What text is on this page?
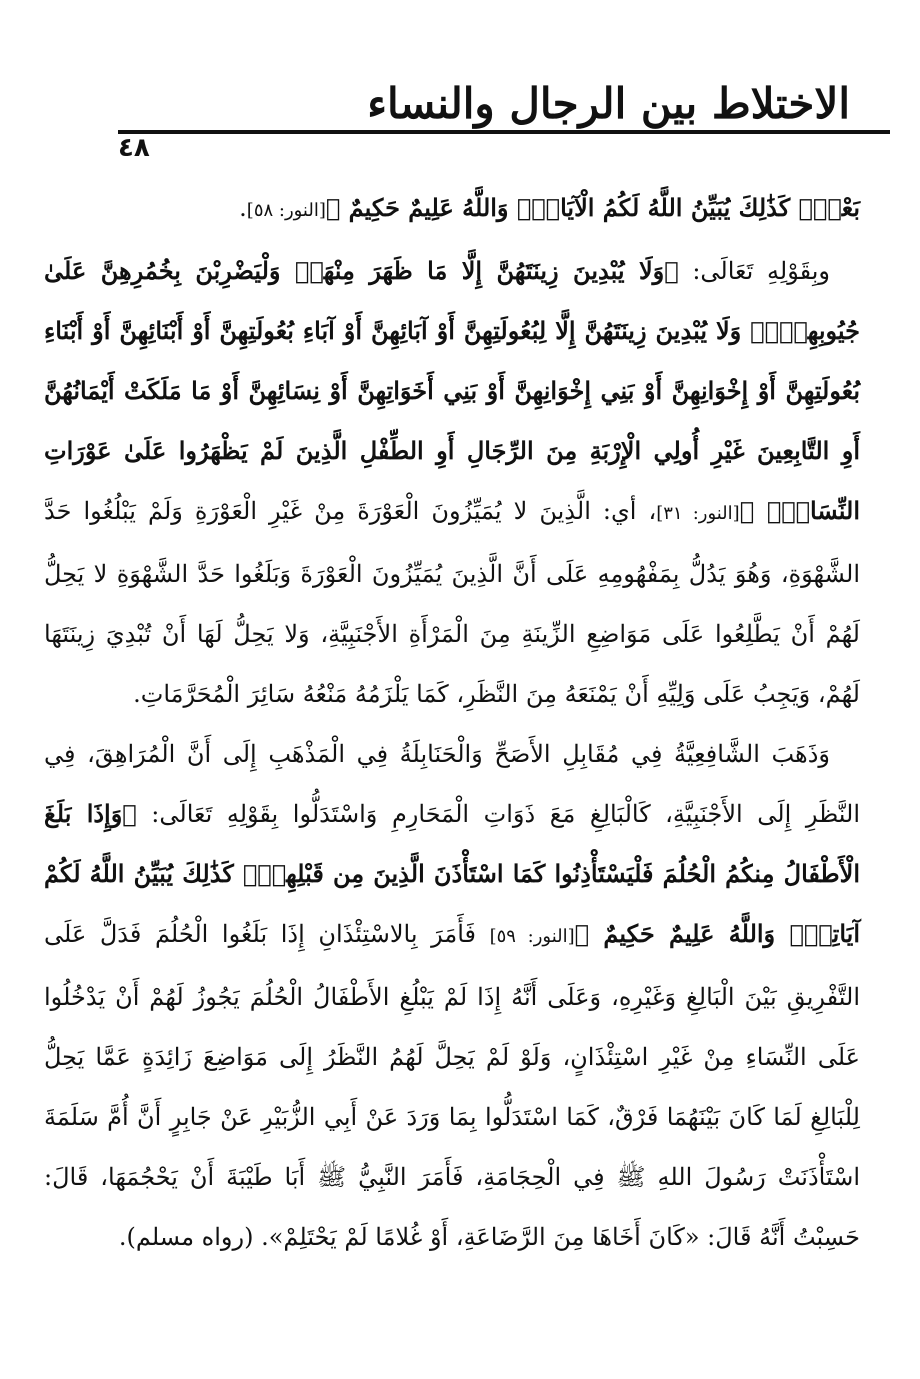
الاختلاط بين الرجال والنساء
٤٨

بَعْضٍۚ كَذَٰلِكَ يُبَيِّنُ اللَّهُ لَكُمُ الْآيَاتِۗ وَاللَّهُ عَلِيمٌ حَكِيمٌ ﴾[النور: ٥٨].

وبِقَوْلِهِ تَعَالَى: ﴿وَلَا يُبْدِينَ زِينَتَهُنَّ إِلَّا مَا ظَهَرَ مِنْهَاۖ وَلْيَضْرِبْنَ بِخُمُرِهِنَّ عَلَىٰ جُيُوبِهِنَّۖ وَلَا يُبْدِينَ زِينَتَهُنَّ إِلَّا لِبُعُولَتِهِنَّ أَوْ آبَائِهِنَّ أَوْ آبَاءِ بُعُولَتِهِنَّ أَوْ أَبْنَائِهِنَّ أَوْ أَبْنَاءِ بُعُولَتِهِنَّ أَوْ إِخْوَانِهِنَّ أَوْ بَنِي إِخْوَانِهِنَّ أَوْ بَنِي أَخَوَاتِهِنَّ أَوْ نِسَائِهِنَّ أَوْ مَا مَلَكَتْ أَيْمَانُهُنَّ أَوِ التَّابِعِينَ غَيْرِ أُولِي الْإِرْبَةِ مِنَ الرِّجَالِ أَوِ الطِّفْلِ الَّذِينَ لَمْ يَظْهَرُوا عَلَىٰ عَوْرَاتِ النِّسَاءِۖ ﴾[النور: ٣١]، أي: الَّذِينَ لا يُمَيِّزُونَ الْعَوْرَةَ مِنْ غَيْرِ الْعَوْرَةِ وَلَمْ يَبْلُغُوا حَدَّ الشَّهْوَةِ، وَهُوَ يَدُلُّ بِمَفْهُومِهِ عَلَى أَنَّ الَّذِينَ يُمَيِّزُونَ الْعَوْرَةَ وَبَلَغُوا حَدَّ الشَّهْوَةِ لا يَحِلُّ لَهُمْ أَنْ يَطَّلِعُوا عَلَى مَوَاضِعِ الزِّينَةِ مِنَ الْمَرْأَةِ الأَجْنَبِيَّةِ، وَلا يَحِلُّ لَهَا أَنْ تُبْدِيَ زِينَتَهَا لَهُمْ، وَيَجِبُ عَلَى وَلِيِّهِ أَنْ يَمْنَعَهُ مِنَ النَّظَرِ، كَمَا يَلْزَمُهُ مَنْعُهُ سَائِرَ الْمُحَرَّمَاتِ.

وَذَهَبَ الشَّافِعِيَّةُ فِي مُقَابِلِ الأَصَحِّ وَالْحَنَابِلَةُ فِي الْمَذْهَبِ إِلَى أَنَّ الْمُرَاهِقَ، فِي النَّظَرِ إِلَى الأَجْنَبِيَّةِ، كَالْبَالِغِ مَعَ ذَوَاتِ الْمَحَارِمِ وَاسْتَدَلُّوا بِقَوْلِهِ تَعَالَى: ﴿وَإِذَا بَلَغَ الْأَطْفَالُ مِنكُمُ الْحُلُمَ فَلْيَسْتَأْذِنُوا كَمَا اسْتَأْذَنَ الَّذِينَ مِن قَبْلِهِمْۚ كَذَٰلِكَ يُبَيِّنُ اللَّهُ لَكُمْ آيَاتِهِۗ وَاللَّهُ عَلِيمٌ حَكِيمٌ ﴾[النور: ٥٩] فَأَمَرَ بِالاسْتِئْذَانِ إِذَا بَلَغُوا الْحُلُمَ فَدَلَّ عَلَى التَّفْرِيقِ بَيْنَ الْبَالِغِ وَغَيْرِهِ، وَعَلَى أَنَّهُ إِذَا لَمْ يَبْلُغِ الأَطْفَالُ الْحُلُمَ يَجُوزُ لَهُمْ أَنْ يَدْخُلُوا عَلَى النِّسَاءِ مِنْ غَيْرِ اسْتِئْذَانٍ، وَلَوْ لَمْ يَحِلَّ لَهُمُ النَّظَرُ إِلَى مَوَاضِعَ زَائِدَةٍ عَمَّا يَحِلُّ لِلْبَالِغِ لَمَا كَانَ بَيْنَهُمَا فَرْقٌ، كَمَا اسْتَدَلُّوا بِمَا وَرَدَ عَنْ أَبِي الزُّبَيْرِ عَنْ جَابِرٍ أَنَّ أُمَّ سَلَمَةَ اسْتَأْذَنَتْ رَسُولَ اللهِ ﷺ فِي الْحِجَامَةِ، فَأَمَرَ النَّبِيُّ ﷺ أَبَا طَيْبَةَ أَنْ يَحْجُمَهَا، قَالَ: حَسِبْتُ أَنَّهُ قَالَ: «كَانَ أَخَاهَا مِنَ الرَّضَاعَةِ، أَوْ غُلامًا لَمْ يَحْتَلِمْ». (رواه مسلم).
